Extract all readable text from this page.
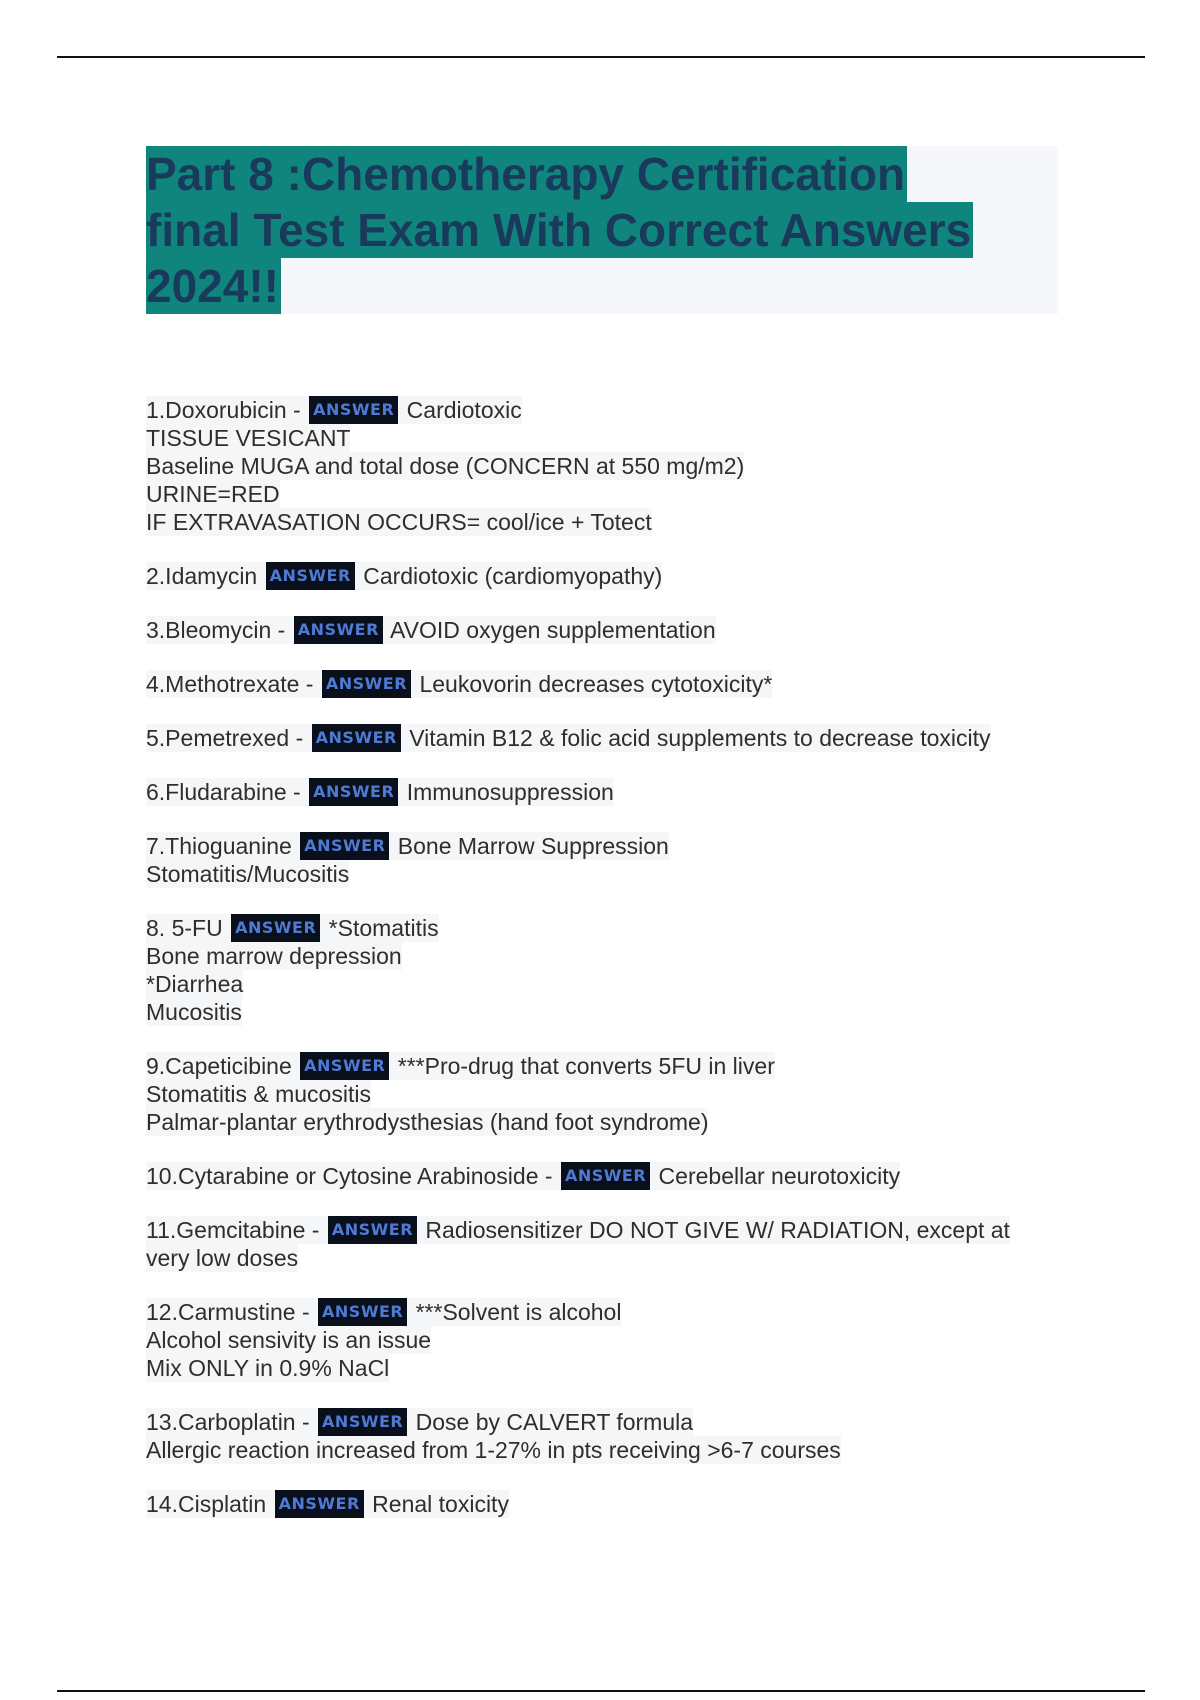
Part 8 :Chemotherapy Certification
final Test Exam With Correct Answers
2024!!
1.Doxorubicin - ANSWER Cardiotoxic
TISSUE VESICANT
Baseline MUGA and total dose (CONCERN at 550 mg/m2)
URINE=RED
IF EXTRAVASATION OCCURS= cool/ice + Totect
2.Idamycin ANSWER Cardiotoxic (cardiomyopathy)
3.Bleomycin - ANSWER AVOID oxygen supplementation
4.Methotrexate - ANSWER Leukovorin decreases cytotoxicity*
5.Pemetrexed - ANSWER Vitamin B12 & folic acid supplements to decrease toxicity
6.Fludarabine - ANSWER Immunosuppression
7.Thioguanine ANSWER Bone Marrow Suppression
Stomatitis/Mucositis
8. 5-FU ANSWER *Stomatitis
Bone marrow depression
*Diarrhea
Mucositis
9.Capeticibine ANSWER ***Pro-drug that converts 5FU in liver
Stomatitis & mucositis
Palmar-plantar erythrodysthesias (hand foot syndrome)
10.Cytarabine or Cytosine Arabinoside - ANSWER Cerebellar neurotoxicity
11.Gemcitabine - ANSWER Radiosensitizer DO NOT GIVE W/ RADIATION, except at
very low doses
12.Carmustine - ANSWER ***Solvent is alcohol
Alcohol sensivity is an issue
Mix ONLY in 0.9% NaCl
13.Carboplatin - ANSWER Dose by CALVERT formula
Allergic reaction increased from 1-27% in pts receiving >6-7 courses
14.Cisplatin ANSWER Renal toxicity
